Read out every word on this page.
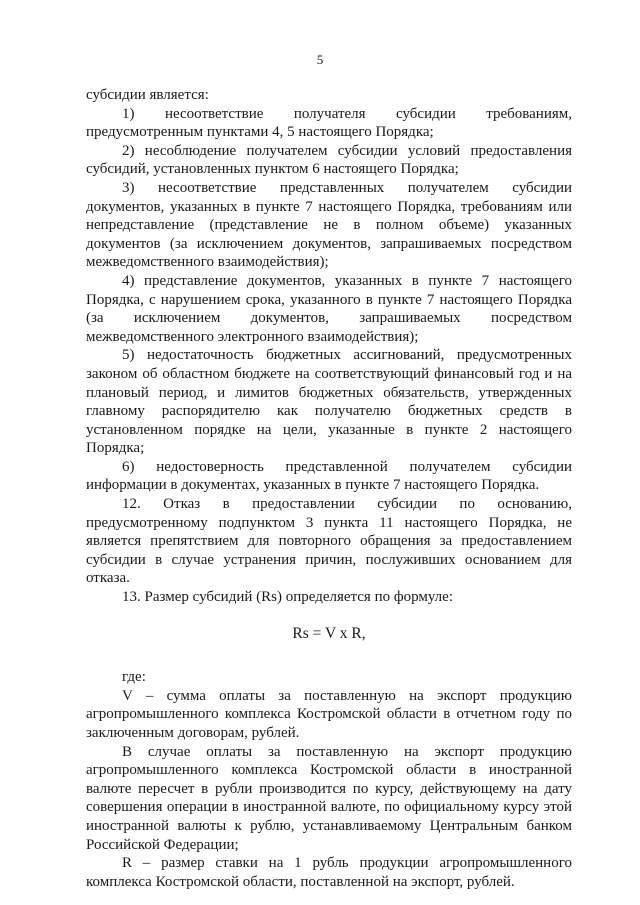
5

субсидии является:

1) несоответствие получателя субсидии требованиям, предусмотренным пунктами 4, 5 настоящего Порядка;

2) несоблюдение получателем субсидии условий предоставления субсидий, установленных пунктом 6 настоящего Порядка;

3) несоответствие представленных получателем субсидии документов, указанных в пункте 7 настоящего Порядка, требованиям или непредставление (представление не в полном объеме) указанных документов (за исключением документов, запрашиваемых посредством межведомственного взаимодействия);

4) представление документов, указанных в пункте 7 настоящего Порядка, с нарушением срока, указанного в пункте 7 настоящего Порядка (за исключением документов, запрашиваемых посредством межведомственного электронного взаимодействия);

5) недостаточность бюджетных ассигнований, предусмотренных законом об областном бюджете на соответствующий финансовый год и на плановый период, и лимитов бюджетных обязательств, утвержденных главному распорядителю как получателю бюджетных средств в установленном порядке на цели, указанные в пункте 2 настоящего Порядка;

6) недостоверность представленной получателем субсидии информации в документах, указанных в пункте 7 настоящего Порядка.

12. Отказ в предоставлении субсидии по основанию, предусмотренному подпунктом 3 пункта 11 настоящего Порядка, не является препятствием для повторного обращения за предоставлением субсидии в случае устранения причин, послуживших основанием для отказа.

13. Размер субсидий (Rs) определяется по формуле:

Rs = V x R,

где:

V – сумма оплаты за поставленную на экспорт продукцию агропромышленного комплекса Костромской области в отчетном году по заключенным договорам, рублей.

В случае оплаты за поставленную на экспорт продукцию агропромышленного комплекса Костромской области в иностранной валюте пересчет в рубли производится по курсу, действующему на дату совершения операции в иностранной валюте, по официальному курсу этой иностранной валюты к рублю, устанавливаемому Центральным банком Российской Федерации;

R – размер ставки на 1 рубль продукции агропромышленного комплекса Костромской области, поставленной на экспорт, рублей.
